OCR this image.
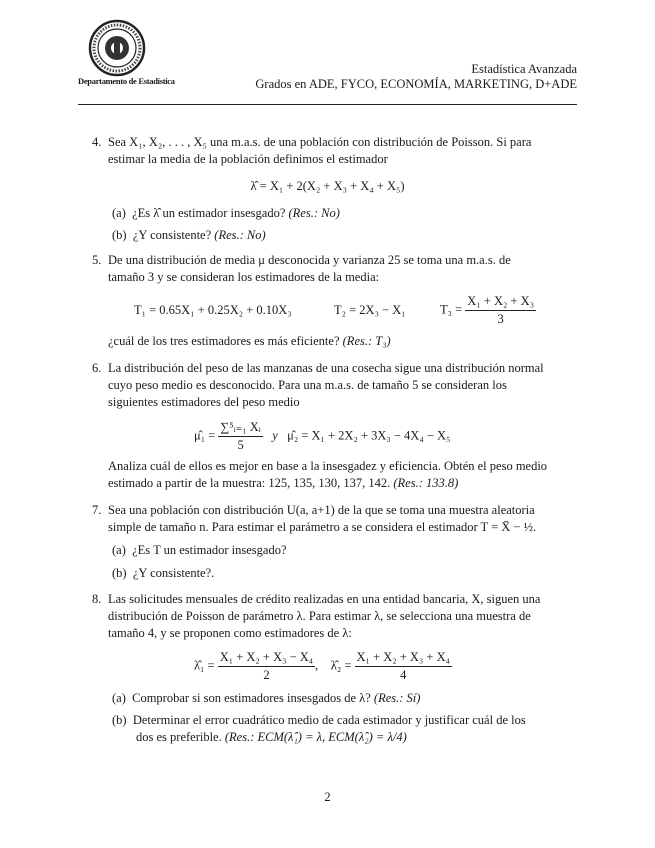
Departamento de Estadística
Estadística Avanzada
Grados en ADE, FYCO, ECONOMÍA, MARKETING, D+ADE
4. Sea X₁, X₂, . . . , X₅ una m.a.s. de una población con distribución de Poisson. Si para
estimar la media de la población definimos el estimador
λ̂ = X₁ + 2(X₂ + X₃ + X₄ + X₅)
(a) ¿Es λ̂ un estimador insesgado? (Res.: No)
(b) ¿Y consistente? (Res.: No)
5. De una distribución de media μ desconocida y varianza 25 se toma una m.a.s. de
tamaño 3 y se consideran los estimadores de la media:
T₁ = 0.65X₁ + 0.25X₂ + 0.10X₃	T₂ = 2X₃ − X₁	$T_3 = \frac{\text{X₁ + X₂ + X₃}}{3}$
¿cuál de los tres estimadores es más eficiente? (Res.: T₃)
6. La distribución del peso de las manzanas de una cosecha sigue una distribución normal
cuyo peso medio es desconocido. Para una m.a.s. de tamaño 5 se consideran los
siguientes estimadores del peso medio
μ̂₁ = $\frac{\text{∑⁵ᵢ₌₁ Xᵢ}}{5}$ y μ̂₂ = X₁ + 2X₂ + 3X₃ − 4X₄ − X₅
Analiza cuál de ellos es mejor en base a la insesgadez y eficiencia. Obtén el peso medio
estimado a partir de la muestra: 125, 135, 130, 137, 142. (Res.: 133.8)
7. Sea una población con distribución U(a, a+1) de la que se toma una muestra aleatoria
simple de tamaño n. Para estimar el parámetro a se considera el estimador T = X̄ − ½.
(a) ¿Es T un estimador insesgado?
(b) ¿Y consistente?.
8. Las solicitudes mensuales de crédito realizadas en una entidad bancaria, X, siguen una
distribución de Poisson de parámetro λ. Para estimar λ, se selecciona una muestra de
tamaño 4, y se proponen como estimadores de λ:
λ̂₁ = $\frac{\text{X₁ + X₂ + X₃ − X₄}}{2}$ ,    λ̂₂ = $\frac{\text{X₁ + X₂ + X₃ + X₄}}{4}$
(a) Comprobar si son estimadores insesgados de λ? (Res.: Sí)
(b) Determinar el error cuadrático medio de cada estimador y justificar cuál de los
dos es preferible. (Res.: ECM(λ̂₁) = λ, ECM(λ̂₂) = λ/4)
2
